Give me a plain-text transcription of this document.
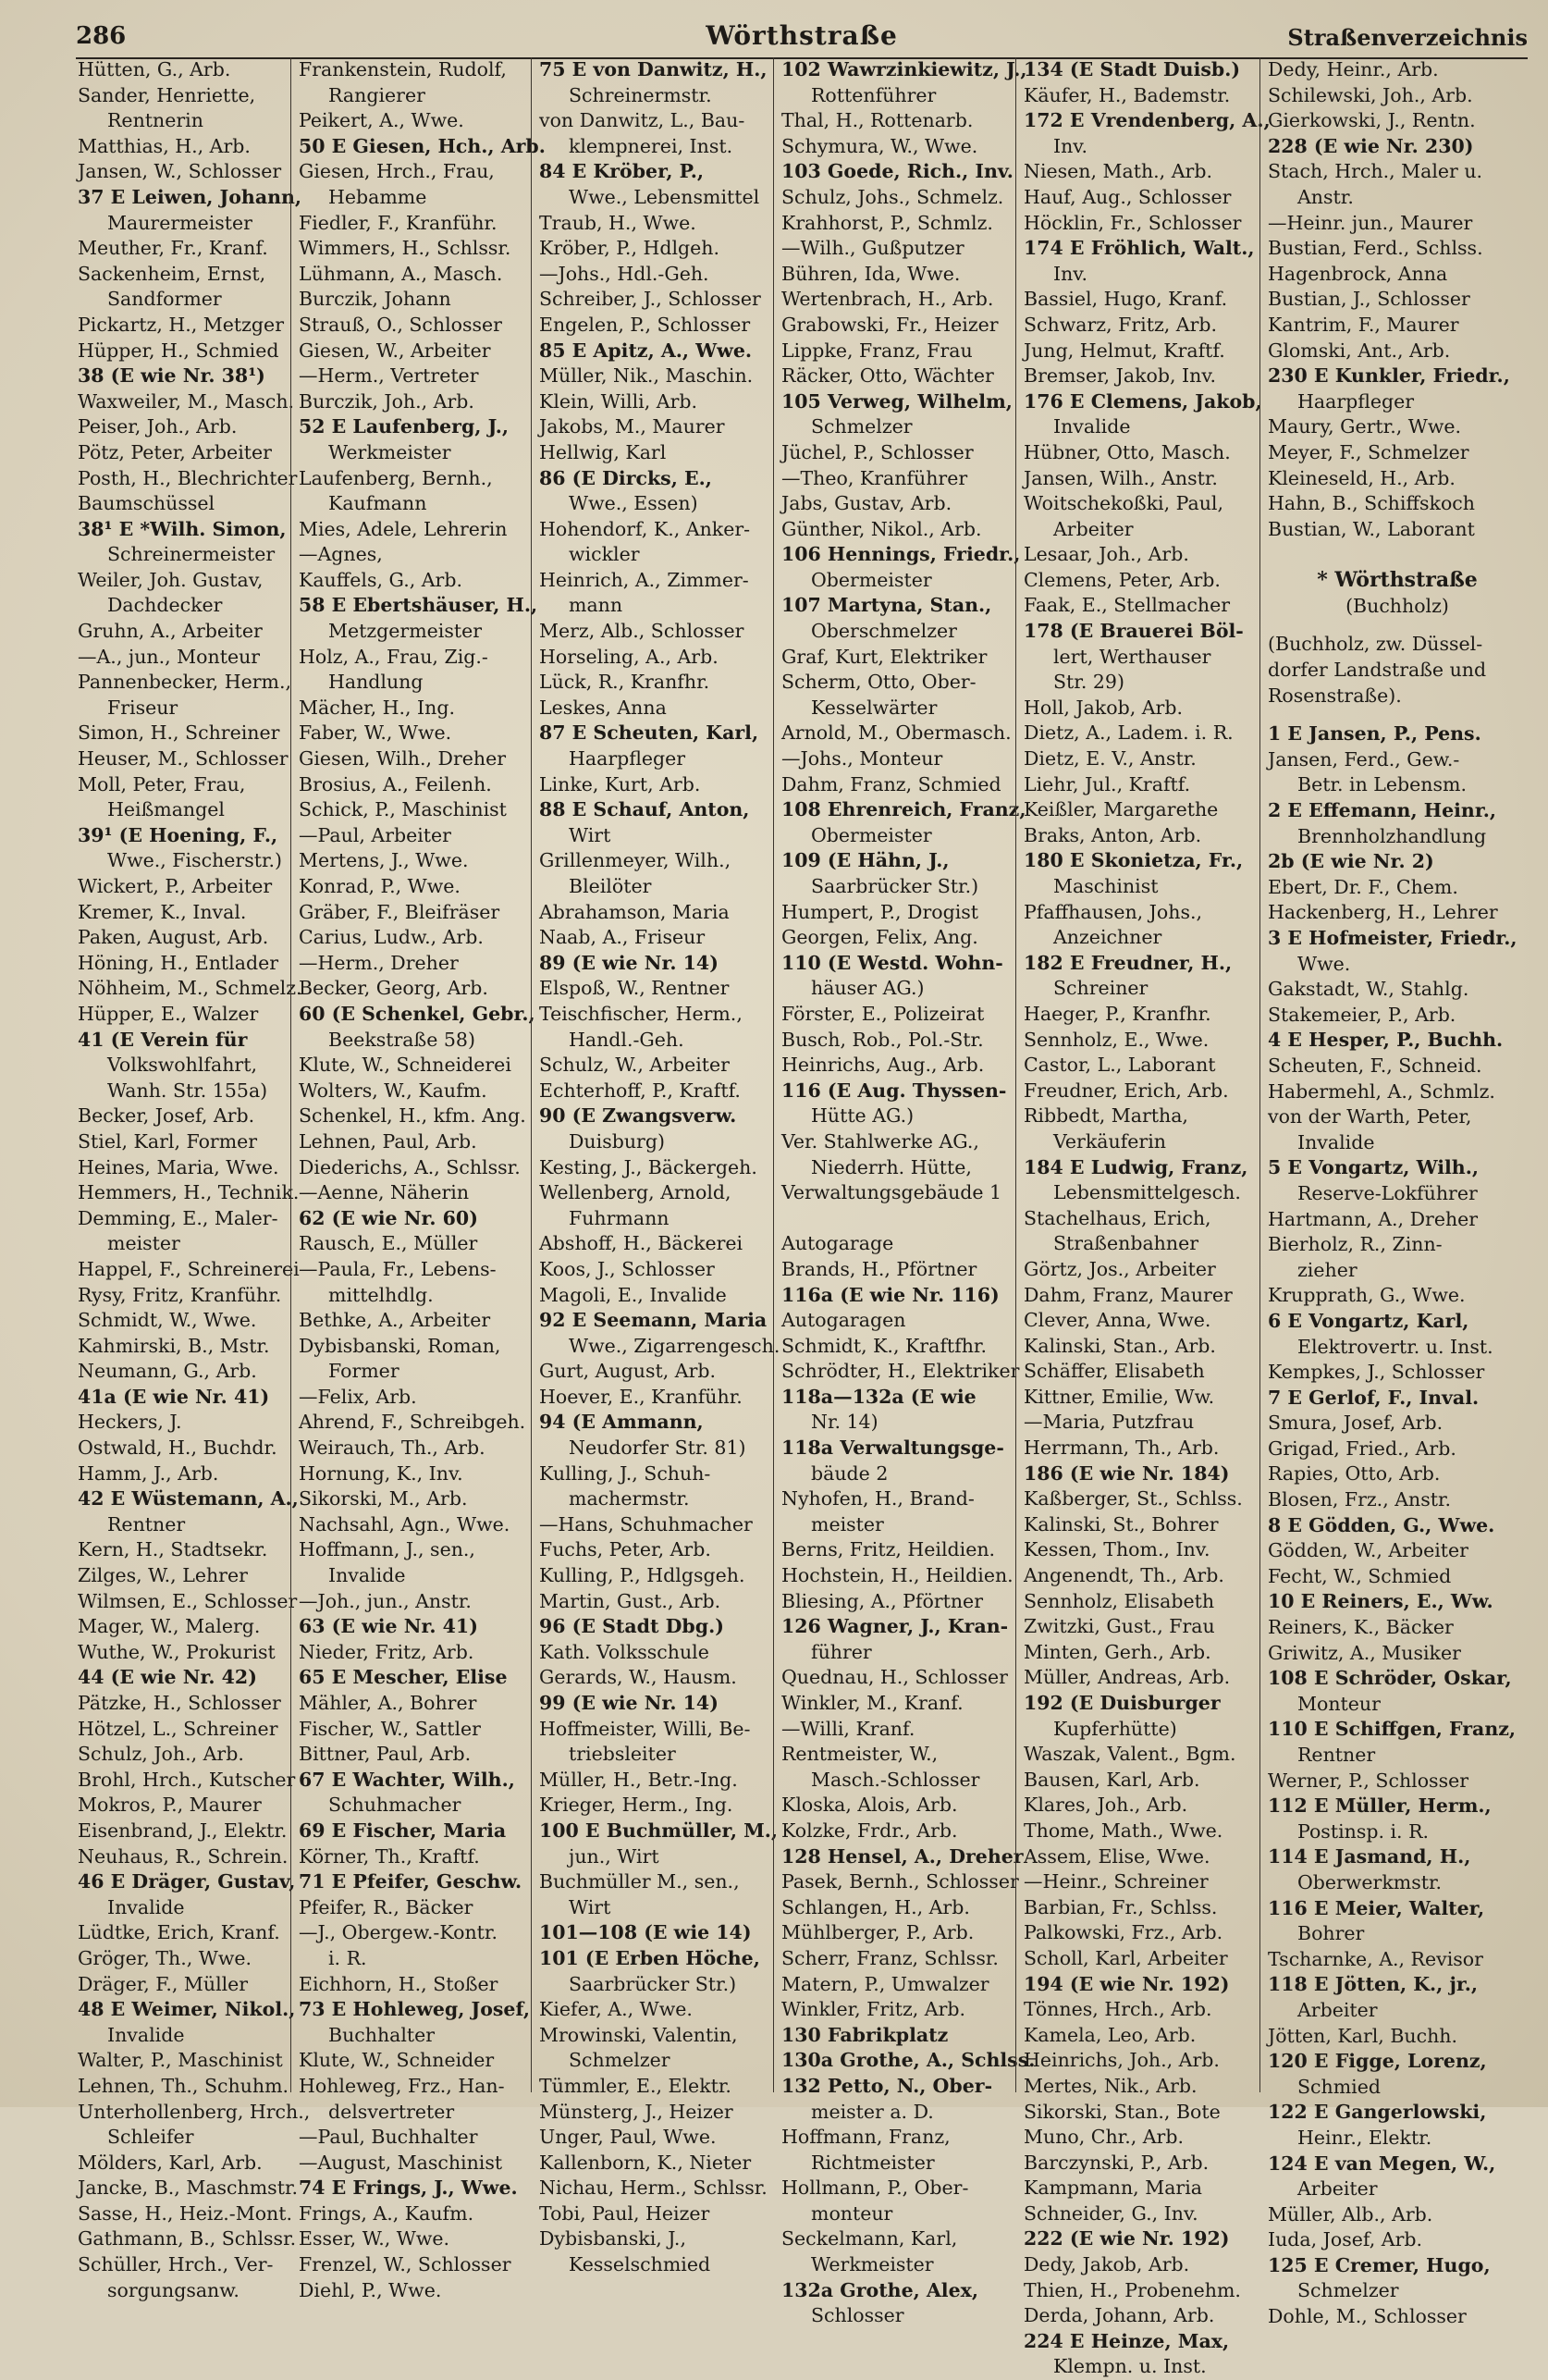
286	Wörthstraße	Straßenverzeichnis
Hütten, G., Arb.
Sander, Henriette,
Rentnerin
Matthias, H., Arb.
Jansen, W., Schlosser
37 E Leiwen, Johann,
Maurermeister
Meuther, Fr., Kranf.
Sackenheim, Ernst,
Sandformer
Pickartz, H., Metzger
Hüpper, H., Schmied
38 (E wie Nr. 38¹)
Waxweiler, M., Masch.
Peiser, Joh., Arb.
Pötz, Peter, Arbeiter
Posth, H., Blechrichter
Baumschüssel
38¹ E *Wilh. Simon,
Schreinermeister
Weiler, Joh. Gustav,
Dachdecker
Gruhn, A., Arbeiter
—A., jun., Monteur
Pannenbecker, Herm.,
Friseur
Simon, H., Schreiner
Heuser, M., Schlosser
Moll, Peter, Frau,
Heißmangel
39¹ (E Hoening, F.,
Wwe., Fischerstr.)
Wickert, P., Arbeiter
Kremer, K., Inval.
Paken, August, Arb.
Höning, H., Entlader
Nöhheim, M., Schmelz.
Hüpper, E., Walzer
41 (E Verein für
Volkswohlfahrt,
Wanh. Str. 155a)
Becker, Josef, Arb.
Stiel, Karl, Former
Heines, Maria, Wwe.
Hemmers, H., Technik.
Demming, E., Maler-
meister
Happel, F., Schreinerei
Rysy, Fritz, Kranführ.
Schmidt, W., Wwe.
Kahmirski, B., Mstr.
Neumann, G., Arb.
41a (E wie Nr. 41)
Heckers, J.
Ostwald, H., Buchdr.
Hamm, J., Arb.
42 E Wüstemann, A.,
Rentner
Kern, H., Stadtsekr.
Zilges, W., Lehrer
Wilmsen, E., Schlosser
Mager, W., Malerg.
Wuthe, W., Prokurist
44 (E wie Nr. 42)
Pätzke, H., Schlosser
Hötzel, L., Schreiner
Schulz, Joh., Arb.
Brohl, Hrch., Kutscher
Mokros, P., Maurer
Eisenbrand, J., Elektr.
Neuhaus, R., Schrein.
46 E Dräger, Gustav,
Invalide
Lüdtke, Erich, Kranf.
Gröger, Th., Wwe.
Dräger, F., Müller
48 E Weimer, Nikol.,
Invalide
Walter, P., Maschinist
Lehnen, Th., Schuhm.
Unterhollenberg, Hrch.,
Schleifer
Mölders, Karl, Arb.
Jancke, B., Maschmstr.
Sasse, H., Heiz.-Mont.
Gathmann, B., Schlssr.
Schüller, Hrch., Ver-
sorgungsanw.
Frankenstein, Rudolf,
Rangierer
Peikert, A., Wwe.
50 E Giesen, Hch., Arb.
Giesen, Hrch., Frau,
Hebamme
Fiedler, F., Kranführ.
Wimmers, H., Schlssr.
Lühmann, A., Masch.
Burczik, Johann
Strauß, O., Schlosser
Giesen, W., Arbeiter
—Herm., Vertreter
Burczik, Joh., Arb.
52 E Laufenberg, J.,
Werkmeister
Laufenberg, Bernh.,
Kaufmann
Mies, Adele, Lehrerin
—Agnes,
Kauffels, G., Arb.
58 E Ebertshäuser, H.,
Metzgermeister
Holz, A., Frau, Zig.-
Handlung
Mächer, H., Ing.
Faber, W., Wwe.
Giesen, Wilh., Dreher
Brosius, A., Feilenh.
Schick, P., Maschinist
—Paul, Arbeiter
Mertens, J., Wwe.
Konrad, P., Wwe.
Gräber, F., Bleifräser
Carius, Ludw., Arb.
—Herm., Dreher
Becker, Georg, Arb.
60 (E Schenkel, Gebr.,
Beekstraße 58)
Klute, W., Schneiderei
Wolters, W., Kaufm.
Schenkel, H., kfm. Ang.
Lehnen, Paul, Arb.
Diederichs, A., Schlssr.
—Aenne, Näherin
62 (E wie Nr. 60)
Rausch, E., Müller
—Paula, Fr., Lebens-
mittelhdlg.
Bethke, A., Arbeiter
Dybisbanski, Roman,
Former
—Felix, Arb.
Ahrend, F., Schreibgeh.
Weirauch, Th., Arb.
Hornung, K., Inv.
Sikorski, M., Arb.
Nachsahl, Agn., Wwe.
Hoffmann, J., sen.,
Invalide
—Joh., jun., Anstr.
63 (E wie Nr. 41)
Nieder, Fritz, Arb.
65 E Mescher, Elise
Mähler, A., Bohrer
Fischer, W., Sattler
Bittner, Paul, Arb.
67 E Wachter, Wilh.,
Schuhmacher
69 E Fischer, Maria
Körner, Th., Kraftf.
71 E Pfeifer, Geschw.
Pfeifer, R., Bäcker
—J., Obergew.-Kontr.
i. R.
Eichhorn, H., Stoßer
73 E Hohleweg, Josef,
Buchhalter
Klute, W., Schneider
Hohleweg, Frz., Han-
delsvertreter
—Paul, Buchhalter
—August, Maschinist
74 E Frings, J., Wwe.
Frings, A., Kaufm.
Esser, W., Wwe.
Frenzel, W., Schlosser
Diehl, P., Wwe.
75 E von Danwitz, H.,
Schreinermstr.
von Danwitz, L., Bau-
klempnerei, Inst.
84 E Kröber, P.,
Wwe., Lebensmittel
Traub, H., Wwe.
Kröber, P., Hdlgeh.
—Johs., Hdl.-Geh.
Schreiber, J., Schlosser
Engelen, P., Schlosser
85 E Apitz, A., Wwe.
Müller, Nik., Maschin.
Klein, Willi, Arb.
Jakobs, M., Maurer
Hellwig, Karl
86 (E Dircks, E.,
Wwe., Essen)
Hohendorf, K., Anker-
wickler
Heinrich, A., Zimmer-
mann
Merz, Alb., Schlosser
Horseling, A., Arb.
Lück, R., Kranfhr.
Leskes, Anna
87 E Scheuten, Karl,
Haarpfleger
Linke, Kurt, Arb.
88 E Schauf, Anton,
Wirt
Grillenmeyer, Wilh.,
Bleilöter
Abrahamson, Maria
Naab, A., Friseur
89 (E wie Nr. 14)
Elspoß, W., Rentner
Teischfischer, Herm.,
Handl.-Geh.
Schulz, W., Arbeiter
Echterhoff, P., Kraftf.
90 (E Zwangsverw.
Duisburg)
Kesting, J., Bäckergeh.
Wellenberg, Arnold,
Fuhrmann
Abshoff, H., Bäckerei
Koos, J., Schlosser
Magoli, E., Invalide
92 E Seemann, Maria
Wwe., Zigarrengesch.
Gurt, August, Arb.
Hoever, E., Kranführ.
94 (E Ammann,
Neudorfer Str. 81)
Kulling, J., Schuh-
machermstr.
—Hans, Schuhmacher
Fuchs, Peter, Arb.
Kulling, P., Hdlgsgeh.
Martin, Gust., Arb.
96 (E Stadt Dbg.)
Kath. Volksschule
Gerards, W., Hausm.
99 (E wie Nr. 14)
Hoffmeister, Willi, Be-
triebsleiter
Müller, H., Betr.-Ing.
Krieger, Herm., Ing.
100 E Buchmüller, M.,
jun., Wirt
Buchmüller M., sen.,
Wirt
101—108 (E wie 14)
101 (E Erben Höche,
Saarbrücker Str.)
Kiefer, A., Wwe.
Mrowinski, Valentin,
Schmelzer
Tümmler, E., Elektr.
Münsterg, J., Heizer
Unger, Paul, Wwe.
Kallenborn, K., Nieter
Nichau, Herm., Schlssr.
Tobi, Paul, Heizer
Dybisbanski, J.,
Kesselschmied
102 Wawrzinkiewitz, J.,
Rottenführer
Thal, H., Rottenarb.
Schymura, W., Wwe.
103 Goede, Rich., Inv.
Schulz, Johs., Schmelz.
Krahhorst, P., Schmlz.
—Wilh., Gußputzer
Bühren, Ida, Wwe.
Wertenbrach, H., Arb.
Grabowski, Fr., Heizer
Lippke, Franz, Frau
Räcker, Otto, Wächter
105 Verweg, Wilhelm,
Schmelzer
Jüchel, P., Schlosser
—Theo, Kranführer
Jabs, Gustav, Arb.
Günther, Nikol., Arb.
106 Hennings, Friedr.,
Obermeister
107 Martyna, Stan.,
Oberschmelzer
Graf, Kurt, Elektriker
Scherm, Otto, Ober-
Kesselwärter
Arnold, M., Obermasch.
—Johs., Monteur
Dahm, Franz, Schmied
108 Ehrenreich, Franz,
Obermeister
109 (E Hähn, J.,
Saarbrücker Str.)
Humpert, P., Drogist
Georgen, Felix, Ang.
110 (E Westd. Wohn-
häuser AG.)
Förster, E., Polizeirat
Busch, Rob., Pol.-Str.
Heinrichs, Aug., Arb.
116 (E Aug. Thyssen-
Hütte AG.)
Ver. Stahlwerke AG.,
Niederrh. Hütte,
Verwaltungsgebäude 1
Autogarage
Brands, H., Pförtner
116a (E wie Nr. 116)
Autogaragen
Schmidt, K., Kraftfhr.
Schrödter, H., Elektriker
118a—132a (E wie
Nr. 14)
118a Verwaltungsge-
bäude 2
Nyhofen, H., Brand-
meister
Berns, Fritz, Heildien.
Hochstein, H., Heildien.
Bliesing, A., Pförtner
126 Wagner, J., Kran-
führer
Quednau, H., Schlosser
Winkler, M., Kranf.
—Willi, Kranf.
Rentmeister, W.,
Masch.-Schlosser
Kloska, Alois, Arb.
Kolzke, Frdr., Arb.
128 Hensel, A., Dreher
Pasek, Bernh., Schlosser
Schlangen, H., Arb.
Mühlberger, P., Arb.
Scherr, Franz, Schlssr.
Matern, P., Umwalzer
Winkler, Fritz, Arb.
130 Fabrikplatz
130a Grothe, A., Schlss.
132 Petto, N., Ober-
meister a. D.
Hoffmann, Franz,
Richtmeister
Hollmann, P., Ober-
monteur
Seckelmann, Karl,
Werkmeister
132a Grothe, Alex,
Schlosser
134 (E Stadt Duisb.)
Käufer, H., Bademstr.
172 E Vrendenberg, A.,
Inv.
Niesen, Math., Arb.
Hauf, Aug., Schlosser
Höcklin, Fr., Schlosser
174 E Fröhlich, Walt.,
Inv.
Bassiel, Hugo, Kranf.
Schwarz, Fritz, Arb.
Jung, Helmut, Kraftf.
Bremser, Jakob, Inv.
176 E Clemens, Jakob,
Invalide
Hübner, Otto, Masch.
Jansen, Wilh., Anstr.
Woitschekoßki, Paul,
Arbeiter
Lesaar, Joh., Arb.
Clemens, Peter, Arb.
Faak, E., Stellmacher
178 (E Brauerei Böl-
lert, Werthauser
Str. 29)
Holl, Jakob, Arb.
Dietz, A., Ladem. i. R.
Dietz, E. V., Anstr.
Liehr, Jul., Kraftf.
Keißler, Margarethe
Braks, Anton, Arb.
180 E Skonietza, Fr.,
Maschinist
Pfaffhausen, Johs.,
Anzeichner
182 E Freudner, H.,
Schreiner
Haeger, P., Kranfhr.
Sennholz, E., Wwe.
Castor, L., Laborant
Freudner, Erich, Arb.
Ribbedt, Martha,
Verkäuferin
184 E Ludwig, Franz,
Lebensmittelgesch.
Stachelhaus, Erich,
Straßenbahner
Görtz, Jos., Arbeiter
Dahm, Franz, Maurer
Clever, Anna, Wwe.
Kalinski, Stan., Arb.
Schäffer, Elisabeth
Kittner, Emilie, Ww.
—Maria, Putzfrau
Herrmann, Th., Arb.
186 (E wie Nr. 184)
Kaßberger, St., Schlss.
Kalinski, St., Bohrer
Kessen, Thom., Inv.
Angenendt, Th., Arb.
Sennholz, Elisabeth
Zwitzki, Gust., Frau
Minten, Gerh., Arb.
Müller, Andreas, Arb.
192 (E Duisburger
Kupferhütte)
Waszak, Valent., Bgm.
Bausen, Karl, Arb.
Klares, Joh., Arb.
Thome, Math., Wwe.
Assem, Elise, Wwe.
—Heinr., Schreiner
Barbian, Fr., Schlss.
Palkowski, Frz., Arb.
Scholl, Karl, Arbeiter
194 (E wie Nr. 192)
Tönnes, Hrch., Arb.
Kamela, Leo, Arb.
Heinrichs, Joh., Arb.
Mertes, Nik., Arb.
Sikorski, Stan., Bote
Muno, Chr., Arb.
Barczynski, P., Arb.
Kampmann, Maria
Schneider, G., Inv.
222 (E wie Nr. 192)
Dedy, Jakob, Arb.
Thien, H., Probenehm.
Derda, Johann, Arb.
224 E Heinze, Max,
Klempn. u. Inst.
Dedy, Heinr., Arb.
Schilewski, Joh., Arb.
Gierkowski, J., Rentn.
228 (E wie Nr. 230)
Stach, Hrch., Maler u.
Anstr.
—Heinr. jun., Maurer
Bustian, Ferd., Schlss.
Hagenbrock, Anna
Bustian, J., Schlosser
Kantrim, F., Maurer
Glomski, Ant., Arb.
230 E Kunkler, Friedr.,
Haarpfleger
Maury, Gertr., Wwe.
Meyer, F., Schmelzer
Kleineseld, H., Arb.
Hahn, B., Schiffskoch
Bustian, W., Laborant
* Wörthstraße
(Buchholz)
(Buchholz, zw. Düssel-
dorfer Landstraße und
Rosenstraße).
1 E Jansen, P., Pens.
Jansen, Ferd., Gew.-
Betr. in Lebensm.
2 E Effemann, Heinr.,
Brennholzhandlung
2b (E wie Nr. 2)
Ebert, Dr. F., Chem.
Hackenberg, H., Lehrer
3 E Hofmeister, Friedr.,
Wwe.
Gakstadt, W., Stahlg.
Stakemeier, P., Arb.
4 E Hesper, P., Buchh.
Scheuten, F., Schneid.
Habermehl, A., Schmlz.
von der Warth, Peter,
Invalide
5 E Vongartz, Wilh.,
Reserve-Lokführer
Hartmann, A., Dreher
Bierholz, R., Zinn-
zieher
Krupprath, G., Wwe.
6 E Vongartz, Karl,
Elektrovertr. u. Inst.
Kempkes, J., Schlosser
7 E Gerlof, F., Inval.
Smura, Josef, Arb.
Grigad, Fried., Arb.
Rapies, Otto, Arb.
Blosen, Frz., Anstr.
8 E Gödden, G., Wwe.
Gödden, W., Arbeiter
Fecht, W., Schmied
10 E Reiners, E., Ww.
Reiners, K., Bäcker
Griwitz, A., Musiker
108 E Schröder, Oskar,
Monteur
110 E Schiffgen, Franz,
Rentner
Werner, P., Schlosser
112 E Müller, Herm.,
Postinsp. i. R.
114 E Jasmand, H.,
Oberwerkmstr.
116 E Meier, Walter,
Bohrer
Tscharnke, A., Revisor
118 E Jötten, K., jr.,
Arbeiter
Jötten, Karl, Buchh.
120 E Figge, Lorenz,
Schmied
122 E Gangerlowski,
Heinr., Elektr.
124 E van Megen, W.,
Arbeiter
Müller, Alb., Arb.
Iuda, Josef, Arb.
125 E Cremer, Hugo,
Schmelzer
Dohle, M., Schlosser
